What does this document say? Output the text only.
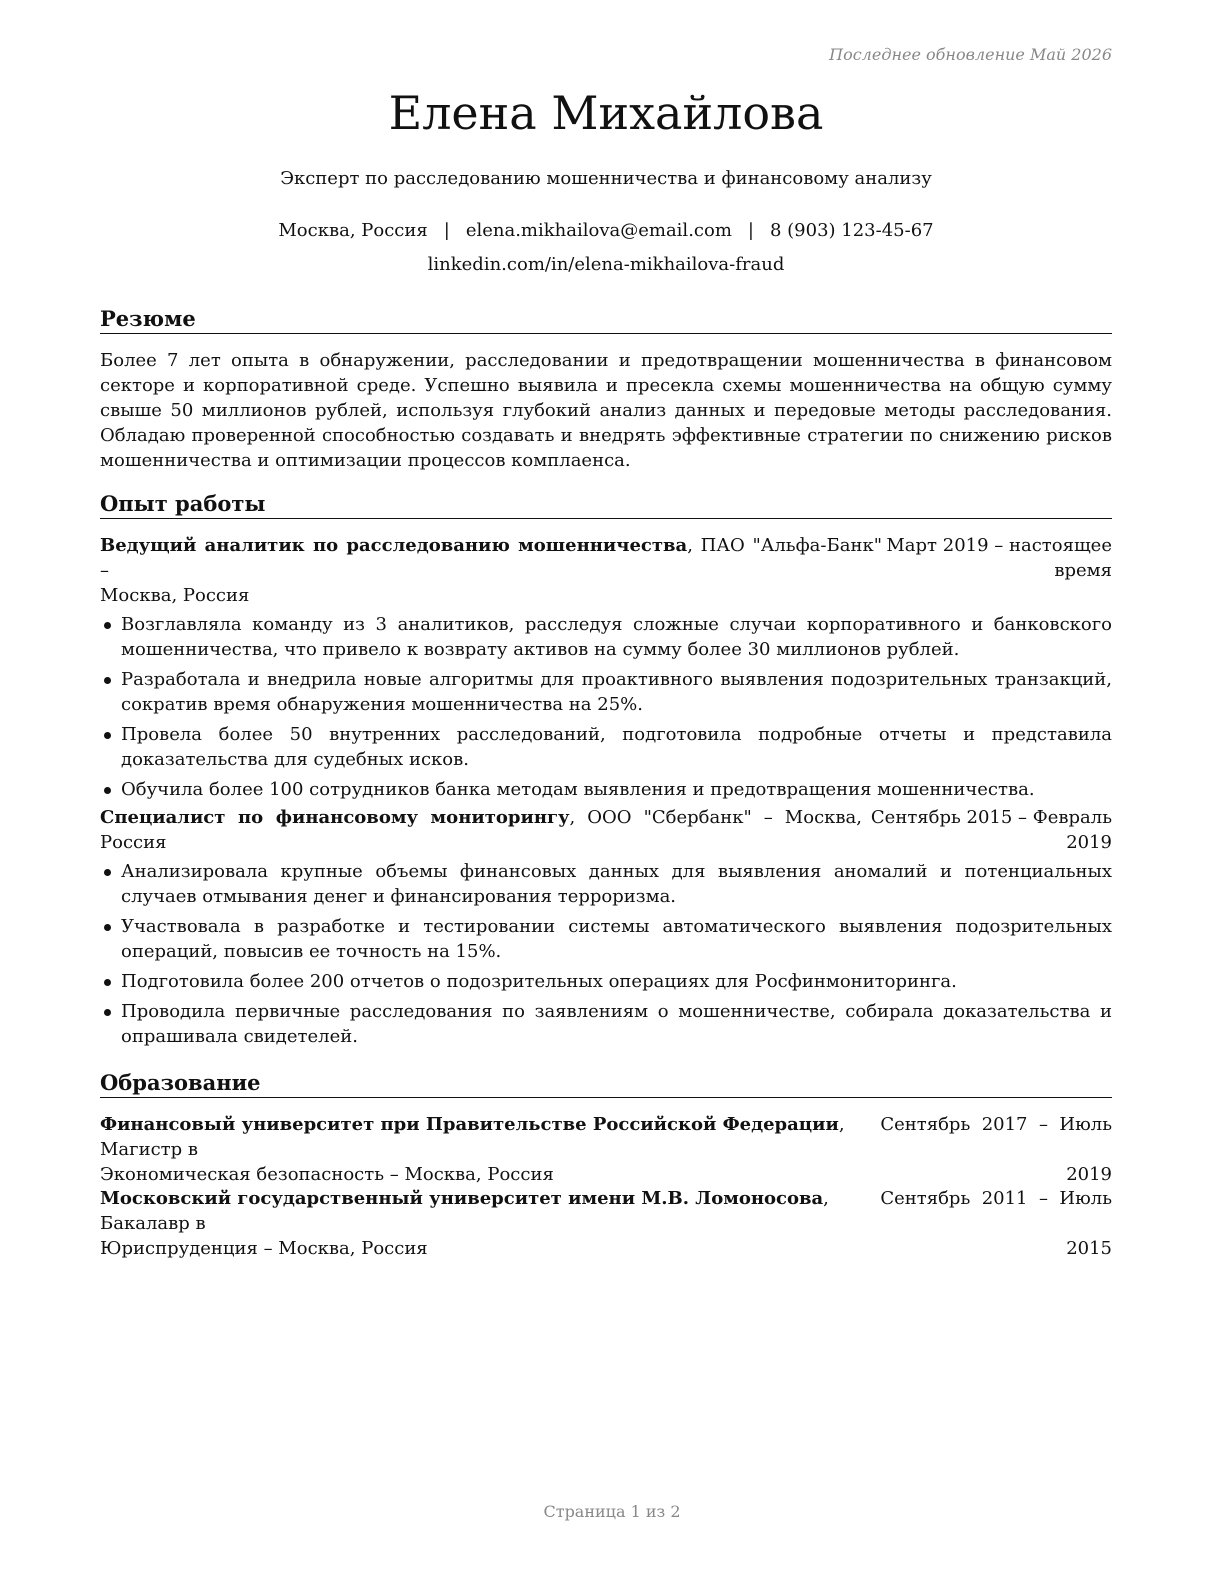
Последнее обновление Май 2026
Елена Михайлова
Эксперт по расследованию мошенничества и финансовому анализу
Москва, Россия | elena.mikhailova@email.com | 8 (903) 123-45-67
linkedin.com/in/elena-mikhailova-fraud
Резюме

Более 7 лет опыта в обнаружении, расследовании и предотвращении мошенничества в финансовом секторе и корпоративной среде. Успешно выявила и пресекла схемы мошенничества на общую сумму свыше 50 миллионов рублей, используя глубокий анализ данных и передовые методы расследования. Обладаю проверенной способностью создавать и внедрять эффективные стратегии по снижению рисков мошенничества и оптимизации процессов комплаенса.

Опыт работы
Ведущий аналитик по расследованию мошенничества, ПАО "Альфа-Банк" –
Москва, Россия
Март 2019 – настоящее
время
Возглавляла команду из 3 аналитиков, расследуя сложные случаи корпоративного и банковского мошенничества, что привело к возврату активов на сумму более 30 миллионов рублей.
Разработала и внедрила новые алгоритмы для проактивного выявления подозрительных транзакций, сократив время обнаружения мошенничества на 25%.
Провела более 50 внутренних расследований, подготовила подробные отчеты и представила доказательства для судебных исков.
Обучила более 100 сотрудников банка методам выявления и предотвращения мошенничества.
Специалист по финансовому мониторингу, ООО "Сбербанк" – Москва, Россия
Сентябрь 2015 – Февраль
2019
Анализировала крупные объемы финансовых данных для выявления аномалий и потенциальных случаев отмывания денег и финансирования терроризма.
Участвовала в разработке и тестировании системы автоматического выявления подозрительных операций, повысив ее точность на 15%.
Подготовила более 200 отчетов о подозрительных операциях для Росфинмониторинга.
Проводила первичные расследования по заявлениям о мошенничестве, собирала доказательства и опрашивала свидетелей.
Образование
Финансовый университет при Правительстве Российской Федерации, Магистр в
Сентябрь  2017  –  Июль
Экономическая безопасность – Москва, Россия	2019
Московский государственный университет имени М.В. Ломоносова, Бакалавр в
Сентябрь  2011  –  Июль
Юриспруденция – Москва, Россия	2015
Страница 1 из 2
